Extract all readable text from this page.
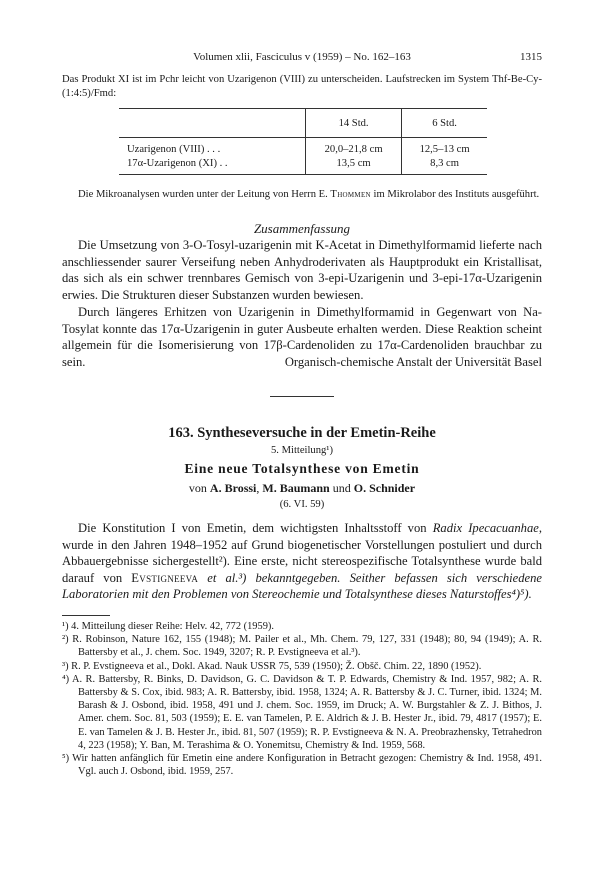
Volumen xlii, Fasciculus v (1959) – No. 162–163	1315
Das Produkt XI ist im Pchr leicht von Uzarigenon (VIII) zu unterscheiden. Laufstrecken im System Thf-Be-Cy-(1:4:5)/Fmd:
	14 Std.	6 Std.
Uzarigenon (VIII) . . .	20,0–21,8 cm	12,5–13 cm
17α-Uzarigenon (XI) . .	13,5 cm	8,3 cm
Die Mikroanalysen wurden unter der Leitung von Herrn E. Thommen im Mikrolabor des Instituts ausgeführt.
Zusammenfassung
Die Umsetzung von 3-O-Tosyl-uzarigenin mit K-Acetat in Dimethylformamid lieferte nach anschliessender saurer Verseifung neben Anhydroderivaten als Hauptprodukt ein Kristallisat, das sich als ein schwer trennbares Gemisch von 3-epi-Uzarigenin und 3-epi-17α-Uzarigenin erwies. Die Strukturen dieser Substanzen wurden bewiesen.
Durch längeres Erhitzen von Uzarigenin in Dimethylformamid in Gegenwart von Na-Tosylat konnte das 17α-Uzarigenin in guter Ausbeute erhalten werden. Diese Reaktion scheint allgemein für die Isomerisierung von 17β-Cardenoliden zu 17α-Cardenoliden brauchbar zu sein.	Organisch-chemische Anstalt der Universität Basel
163. Syntheseversuche in der Emetin-Reihe
5. Mitteilung¹)
Eine neue Totalsynthese von Emetin
von A. Brossi, M. Baumann und O. Schnider
(6. VI. 59)
Die Konstitution I von Emetin, dem wichtigsten Inhaltsstoff von Radix Ipecacuanhae, wurde in den Jahren 1948–1952 auf Grund biogenetischer Vorstellungen postuliert und durch Abbauergebnisse sichergestellt²). Eine erste, nicht stereospezifische Totalsynthese wurde bald darauf von Evstigneeva et al.³) bekanntgegeben. Seither befassen sich verschiedene Laboratorien mit den Problemen von Stereochemie und Totalsynthese dieses Naturstoffes⁴)⁵).
¹) 4. Mitteilung dieser Reihe: Helv. 42, 772 (1959).
²) R. Robinson, Nature 162, 155 (1948); M. Pailer et al., Mh. Chem. 79, 127, 331 (1948); 80, 94 (1949); A. R. Battersby et al., J. chem. Soc. 1949, 3207; R. P. Evstigneeva et al.³).
³) R. P. Evstigneeva et al., Dokl. Akad. Nauk USSR 75, 539 (1950); Ž. Obšč. Chim. 22, 1890 (1952).
⁴) A. R. Battersby, R. Binks, D. Davidson, G. C. Davidson & T. P. Edwards, Chemistry & Ind. 1957, 982; A. R. Battersby & S. Cox, ibid. 983; A. R. Battersby, ibid. 1958, 1324; A. R. Battersby & J. C. Turner, ibid. 1324; M. Barash & J. Osbond, ibid. 1958, 491 und J. chem. Soc. 1959, im Druck; A. W. Burgstahler & Z. J. Bithos, J. Amer. chem. Soc. 81, 503 (1959); E. E. van Tamelen, P. E. Aldrich & J. B. Hester Jr., ibid. 79, 4817 (1957); E. E. van Tamelen & J. B. Hester Jr., ibid. 81, 507 (1959); R. P. Evstigneeva & N. A. Preobrazhensky, Tetrahedron 4, 223 (1958); Y. Ban, M. Terashima & O. Yonemitsu, Chemistry & Ind. 1959, 568.
⁵) Wir hatten anfänglich für Emetin eine andere Konfiguration in Betracht gezogen: Chemistry & Ind. 1958, 491. Vgl. auch J. Osbond, ibid. 1959, 257.
